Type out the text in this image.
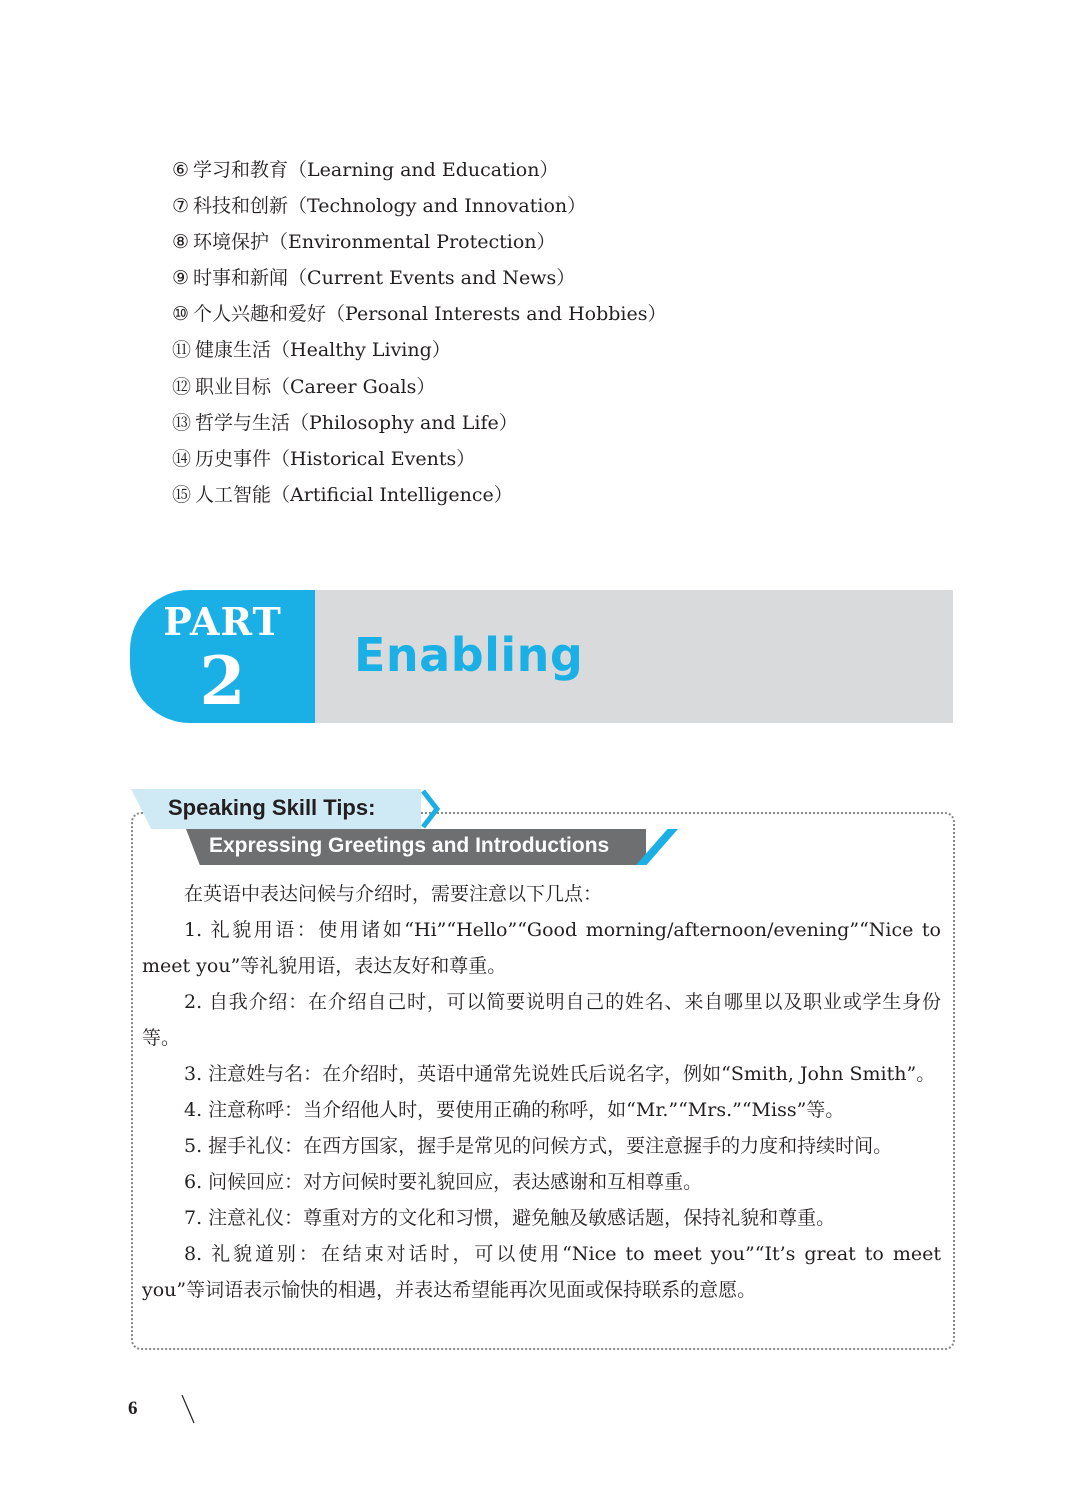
⑥ 学习和教育（Learning and Education）
⑦ 科技和创新（Technology and Innovation）
⑧ 环境保护（Environmental Protection）
⑨ 时事和新闻（Current Events and News）
⑩ 个人兴趣和爱好（Personal Interests and Hobbies）
⑪ 健康生活（Healthy Living）
⑫ 职业目标（Career Goals）
⑬ 哲学与生活（Philosophy and Life）
⑭ 历史事件（Historical Events）
⑮ 人工智能（Artificial Intelligence）
PART
2	Enabling
Speaking Skill Tips:
Expressing Greetings and Introductions

在英语中表达问候与介绍时，需要注意以下几点：

1. 礼貌用语：使用诸如“Hi”“Hello”“Good morning/afternoon/evening”“Nice to meet you”等礼貌用语，表达友好和尊重。

2. 自我介绍：在介绍自己时，可以简要说明自己的姓名、来自哪里以及职业或学生身份等。

3. 注意姓与名：在介绍时，英语中通常先说姓氏后说名字，例如“Smith, John Smith”。

4. 注意称呼：当介绍他人时，要使用正确的称呼，如“Mr.”“Mrs.”“Miss”等。

5. 握手礼仪：在西方国家，握手是常见的问候方式，要注意握手的力度和持续时间。

6. 问候回应：对方问候时要礼貌回应，表达感谢和互相尊重。

7. 注意礼仪：尊重对方的文化和习惯，避免触及敏感话题，保持礼貌和尊重。

8. 礼貌道别：在结束对话时，可以使用“Nice to meet you”“It’s great to meet you”等词语表示愉快的相遇，并表达希望能再次见面或保持联系的意愿。

6
